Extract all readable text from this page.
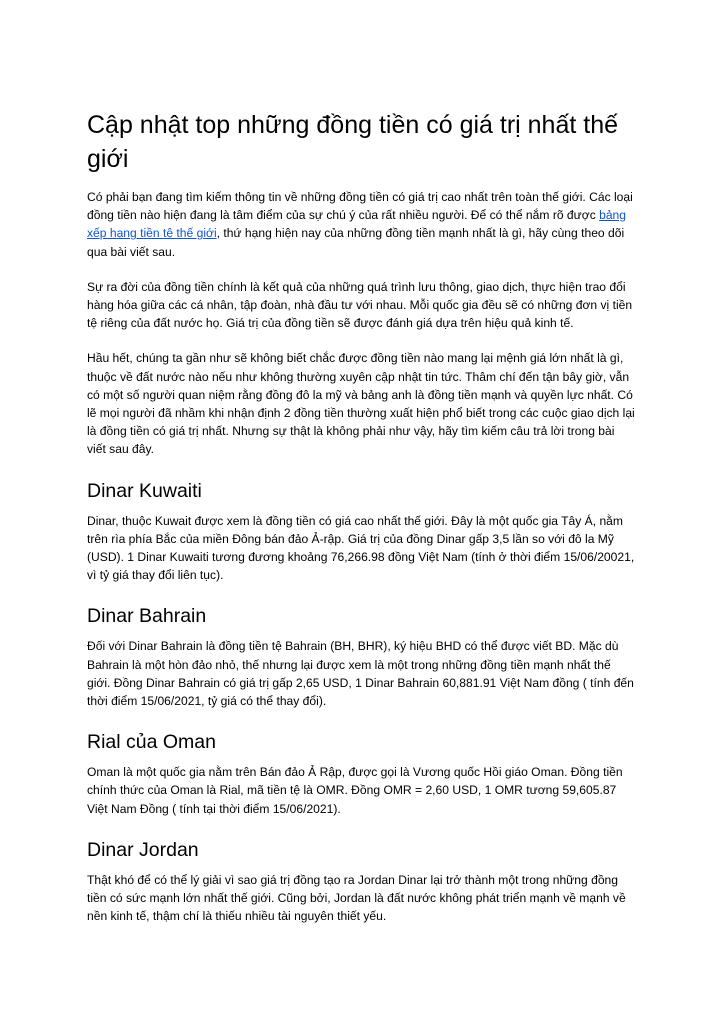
Cập nhật top những đồng tiền có giá trị nhất thế giới

Có phải bạn đang tìm kiếm thông tin về những đồng tiền có giá trị cao nhất trên toàn thế giới. Các loại đồng tiền nào hiện đang là tâm điểm của sự chú ý của rất nhiều người. Để có thể nắm rõ được bảng xếp hạng tiền tệ thế giới, thứ hạng hiện nay của những đồng tiền mạnh nhất là gì, hãy cùng theo dõi qua bài viết sau.

Sự ra đời của đồng tiền chính là kết quả của những quá trình lưu thông, giao dịch, thực hiện trao đổi hàng hóa giữa các cá nhân, tập đoàn, nhà đầu tư với nhau. Mỗi quốc gia đều sẽ có những đơn vị tiền tệ riêng của đất nước họ. Giá trị của đồng tiền sẽ được đánh giá dựa trên hiệu quả kinh tế.

Hầu hết, chúng ta gần như sẽ không biết chắc được đồng tiền nào mang lại mệnh giá lớn nhất là gì, thuộc về đất nước nào nếu như không thường xuyên cập nhật tin tức. Thâm chí đến tận bây giờ, vẫn có một số người quan niệm rằng đồng đô la mỹ và bảng anh là đồng tiền mạnh và quyền lực nhất. Có lẽ mọi người đã nhầm khi nhận định 2 đồng tiền thường xuất hiện phổ biết trong các cuộc giao dịch lại là đồng tiền có giá trị nhất. Nhưng sự thật là không phải như vậy, hãy tìm kiếm câu trả lời trong bài viết sau đây.

Dinar Kuwaiti

Dinar, thuộc Kuwait được xem là đồng tiền có giá cao nhất thế giới. Đây là một quốc gia Tây Á, nằm trên rìa phía Bắc của miền Đông bán đảo Ả-rập. Giá trị của đồng Dinar gấp 3,5 lần so với đô la Mỹ (USD). 1 Dinar Kuwaiti tương đương khoảng 76,266.98 đồng Việt Nam (tính ở thời điểm 15/06/20021, vì tỷ giá thay đổi liên tục).

Dinar Bahrain

Đối với Dinar Bahrain là đồng tiền tệ Bahrain (BH, BHR), ký hiệu BHD có thể được viết BD. Mặc dù Bahrain là một hòn đảo nhỏ, thế nhưng lại được xem là một trong những đồng tiền mạnh nhất thế giới. Đồng Dinar Bahrain có giá trị gấp 2,65 USD, 1 Dinar Bahrain 60,881.91 Việt Nam đồng ( tính đến thời điểm 15/06/2021, tỷ giá có thể thay đổi).

Rial của Oman

Oman là một quốc gia nằm trên Bán đảo Ả Rập, được gọi là Vương quốc Hồi giáo Oman. Đồng tiền chính thức của Oman là Rial, mã tiền tệ là OMR. Đồng OMR = 2,60 USD, 1 OMR tương 59,605.87 Việt Nam Đồng ( tính tại thời điểm 15/06/2021).

Dinar Jordan

Thật khó để có thể lý giải vì sao giá trị đồng tạo ra Jordan Dinar lại trở thành một trong những đồng tiền có sức mạnh lớn nhất thế giới. Cũng bởi, Jordan là đất nước không phát triển mạnh về mạnh về nền kinh tế, thậm chí là thiếu nhiều tài nguyên thiết yếu.
